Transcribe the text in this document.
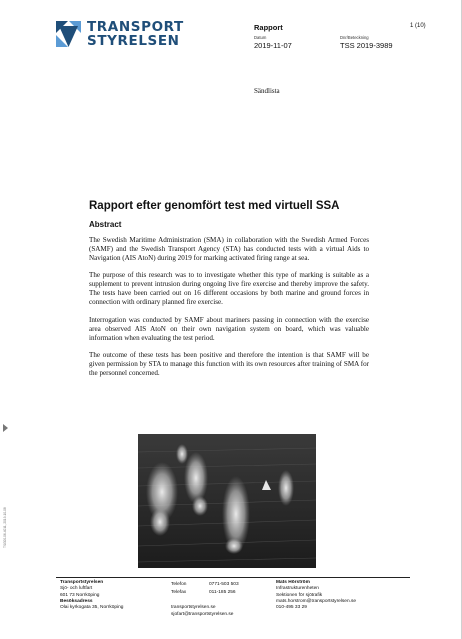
TRANSPORT
STYRELSEN
Rapport	1 (10)
Datum
2019-11-07
Dnr/Beteckning
TSS 2019-3989
Sändlista
Rapport efter genomfört test med virtuell SSA
Abstract

The Swedish Maritime Administration (SMA) in collaboration with the Swedish Armed Forces (SAMF) and the Swedish Transport Agency (STA) has conducted tests with a virtual Aids to Navigation (AIS AtoN) during 2019 for marking activated firing range at sea.

The purpose of this research was to to investigate whether this type of marking is suitable as a supplement to prevent intrusion during ongoing live fire exercise and thereby improve the safety. The tests have been carried out on 16 different occasions by both marine and ground forces in connection with ordinary planned fire exercise.

Interrogation was conducted by SAMF about mariners passing in connection with the exercise area observed AIS AtoN on their own navigation system on board, which was valuable information when evaluating the test period.

The outcome of these tests has been positive and therefore the intention is that SAMF will be given permission by STA to manage this function with its own resources after training of SMA for the personnel concerned.

TSG00-06-4011, 2019-10-08
Transportstyrelsen
Sjö- och luftfart
601 73 Norrköping
Besöksadress
Olai kyrkogata 35, Norrköping
Telefon	0771-503 503
Telefax	011-185 256
transportstyrelsen.se
sjofart@transportstyrelsen.se
Mats Hörström
Infrastrukturenheten
Sektionen för sjötrafik
mats.horstrom@transportstyrelsen.se
010-495 33 29
